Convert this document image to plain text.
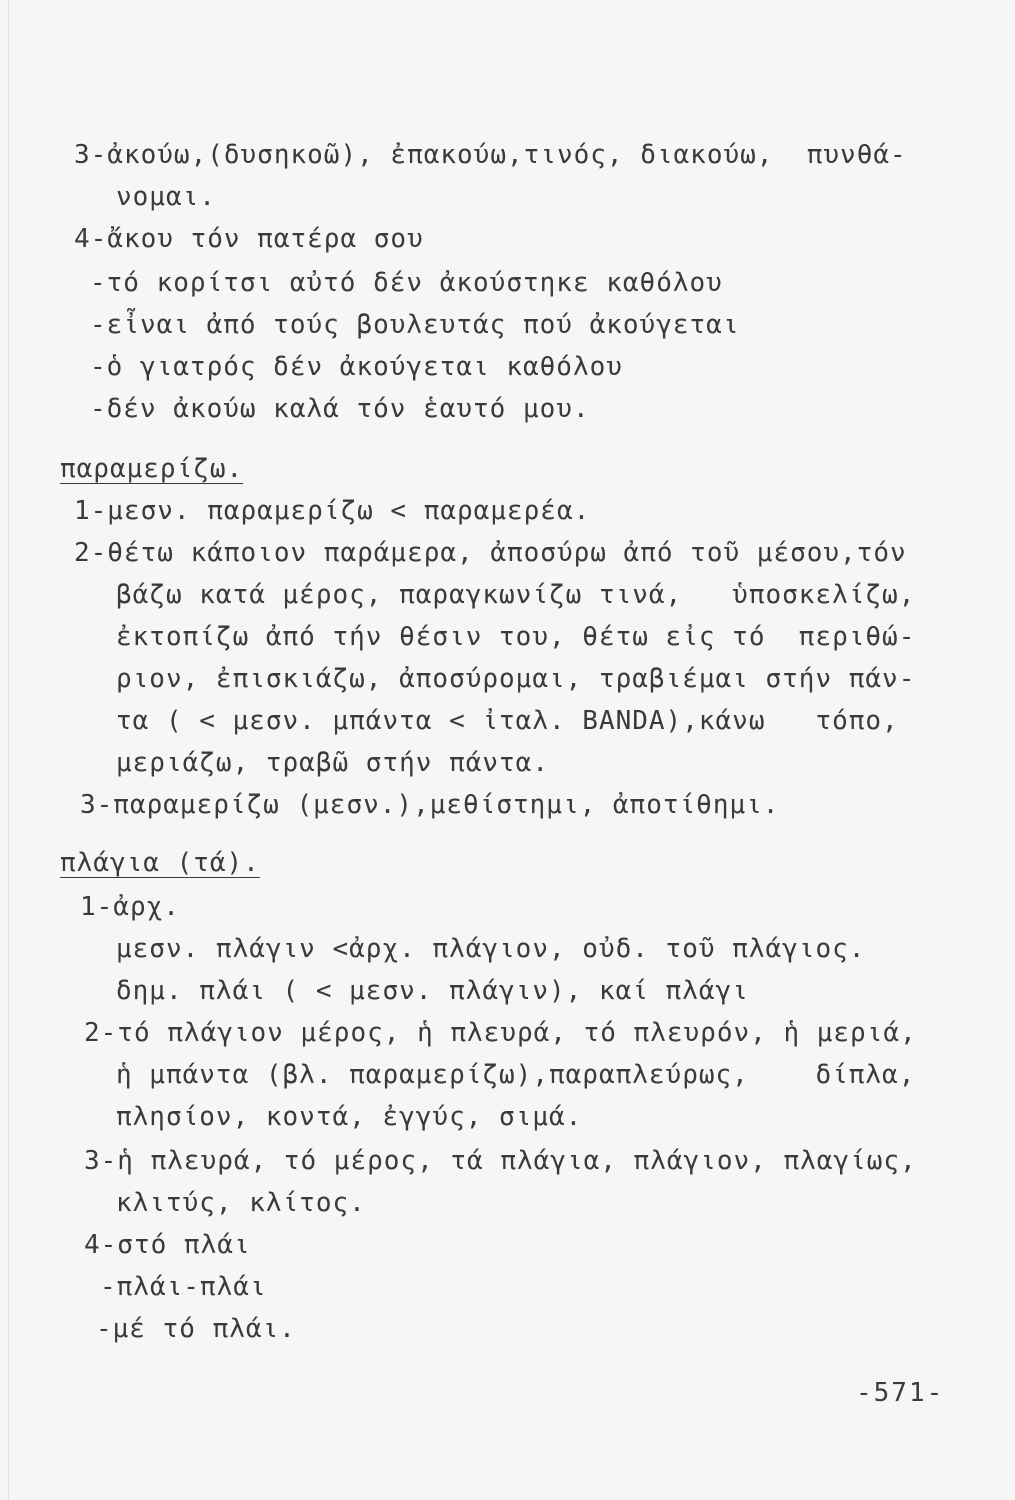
3-ἀκούω,(δυσηκοῶ), ἐπακούω,τινός, διακούω,  πυνθά-
νομαι.
4-ἄκου τόν πατέρα σου
-τό κορίτσι αὐτό δέν ἀκούστηκε καθόλου
-εἶναι ἀπό τούς βουλευτάς πού ἀκούγεται
-ὁ γιατρός δέν ἀκούγεται καθόλου
-δέν ἀκούω καλά τόν ἑαυτό μου.
παραμερίζω.
1-μεσν. παραμερίζω < παραμερέα.
2-θέτω κάποιον παράμερα, ἀποσύρω ἀπό τοῦ μέσου,τόν
βάζω κατά μέρος, παραγκωνίζω τινά,   ὑποσκελίζω,
ἐκτοπίζω ἀπό τήν θέσιν του, θέτω εἰς τό  περιθώ-
ριον, ἐπισκιάζω, ἀποσύρομαι, τραβιέμαι στήν πάν-
τα ( < μεσν. μπάντα < ἰταλ. BANDA),κάνω   τόπο,
μεριάζω, τραβῶ στήν πάντα.
3-παραμερίζω (μεσν.),μεθίστημι, ἀποτίθημι.
πλάγια (τά).
1-ἀρχ.
μεσν. πλάγιν <ἀρχ. πλάγιον, οὐδ. τοῦ πλάγιος.
δημ. πλάι ( < μεσν. πλάγιν), καί πλάγι
2-τό πλάγιον μέρος, ἡ πλευρά, τό πλευρόν, ἡ μεριά,
ἡ μπάντα (βλ. παραμερίζω),παραπλεύρως,    δίπλα,
πλησίον, κοντά, ἐγγύς, σιμά.
3-ἡ πλευρά, τό μέρος, τά πλάγια, πλάγιον, πλαγίως,
κλιτύς, κλίτος.
4-στό πλάι
-πλάι-πλάι
-μέ τό πλάι.
-571-
